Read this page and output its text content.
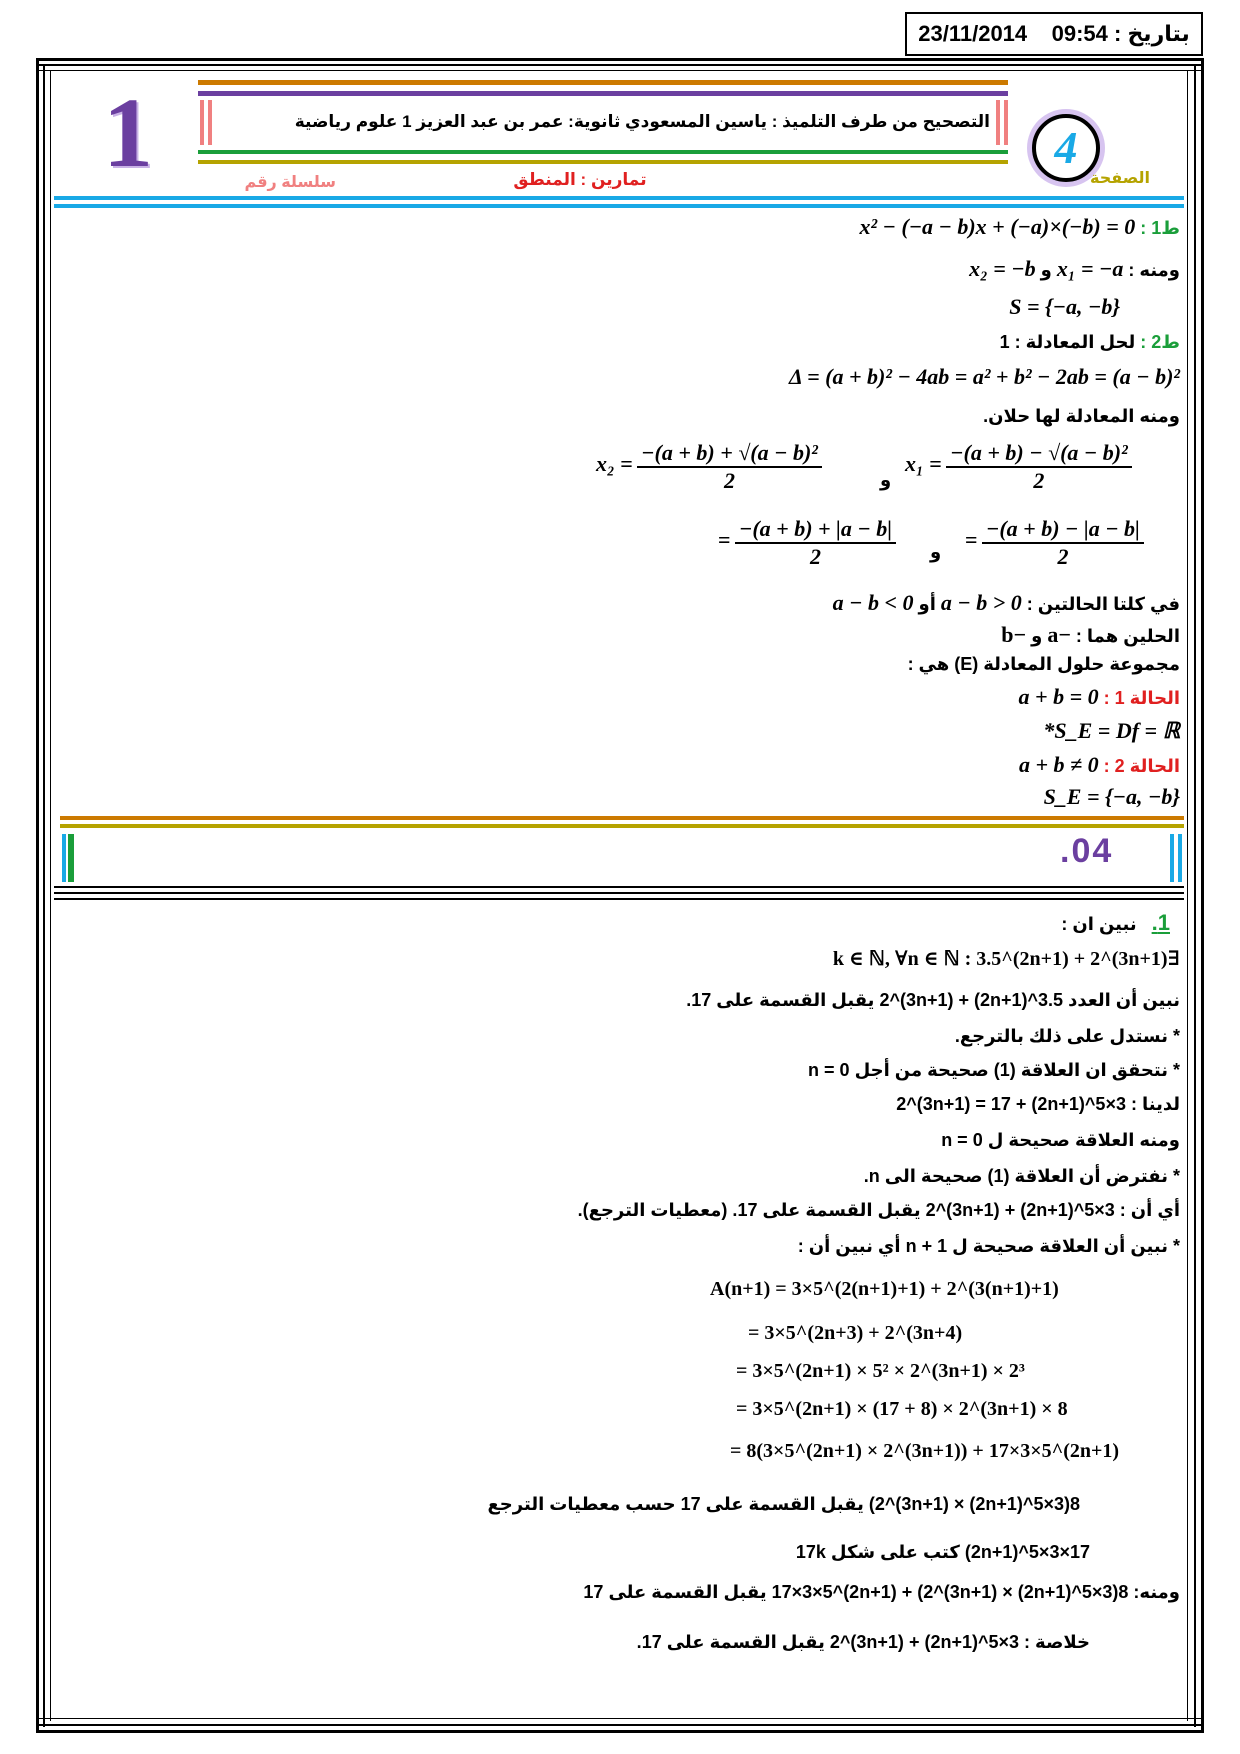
بتاريخ : 09:54    23/11/2014
1	4
التصحيح من طرف التلميذ : ياسين المسعودي ثانوية: عمر بن عبد العزيز 1 علوم رياضية
الصفحة
سلسلة رقم	تمارين : المنطق
ط1 : x² − (−a − b)x + (−a)×(−b) = 0
ومنه : x₁ = −a و x₂ = −b
S = {−a, −b}
ط2 : لحل المعادلة : 1
Δ = (a + b)² − 4ab = a² + b² − 2ab = (a − b)²
ومنه المعادلة لها حلان.
$x_1 = \frac{\text{−(a + b) − √(a − b)²}}{2}$
و
$x_2 = \frac{\text{−(a + b) + √(a − b)²}}{2}$
= $\frac{-(a + b) - |a - b|}{2}$
و
= $\frac{-(a + b) + |a - b|}{2}$
في كلتا الحالتين : a − b > 0 أو a − b < 0
الحلين هما : −a و −b
مجموعة حلول المعادلة (E) هي :
الحالة 1 : a + b = 0
S_E = Df = ℝ*
الحالة 2 : a + b ≠ 0
S_E = {−a, −b}
.04
1.   نبين ان :
∃k ∈ ℕ, ∀n ∈ ℕ : 3.5^(2n+1) + 2^(3n+1)
نبين أن العدد 3.5^(2n+1) + 2^(3n+1) يقبل القسمة على 17.
* نستدل على ذلك بالترجع.
* نتحقق ان العلاقة (1) صحيحة من أجل n = 0
لدينا : 3×5^(2n+1) + 2^(3n+1) = 17
ومنه العلاقة صحيحة ل n = 0
* نفترض أن العلاقة (1) صحيحة الى n.
أي أن : 3×5^(2n+1) + 2^(3n+1) يقبل القسمة على 17. (معطيات الترجع).
* نبين أن العلاقة صحيحة ل n + 1 أي نبين أن :
A(n+1) = 3×5^(2(n+1)+1) + 2^(3(n+1)+1)
= 3×5^(2n+3) + 2^(3n+4)
= 3×5^(2n+1) × 5² × 2^(3n+1) × 2³
= 3×5^(2n+1) × (17 + 8) × 2^(3n+1) × 8
= 8(3×5^(2n+1) × 2^(3n+1)) + 17×3×5^(2n+1)
8(3×5^(2n+1) × 2^(3n+1)) يقبل القسمة على 17 حسب معطيات الترجع
17×3×5^(2n+1) كتب على شكل 17k
ومنه: 8(3×5^(2n+1) × 2^(3n+1)) + 17×3×5^(2n+1) يقبل القسمة على 17
خلاصة : 3×5^(2n+1) + 2^(3n+1) يقبل القسمة على 17.
